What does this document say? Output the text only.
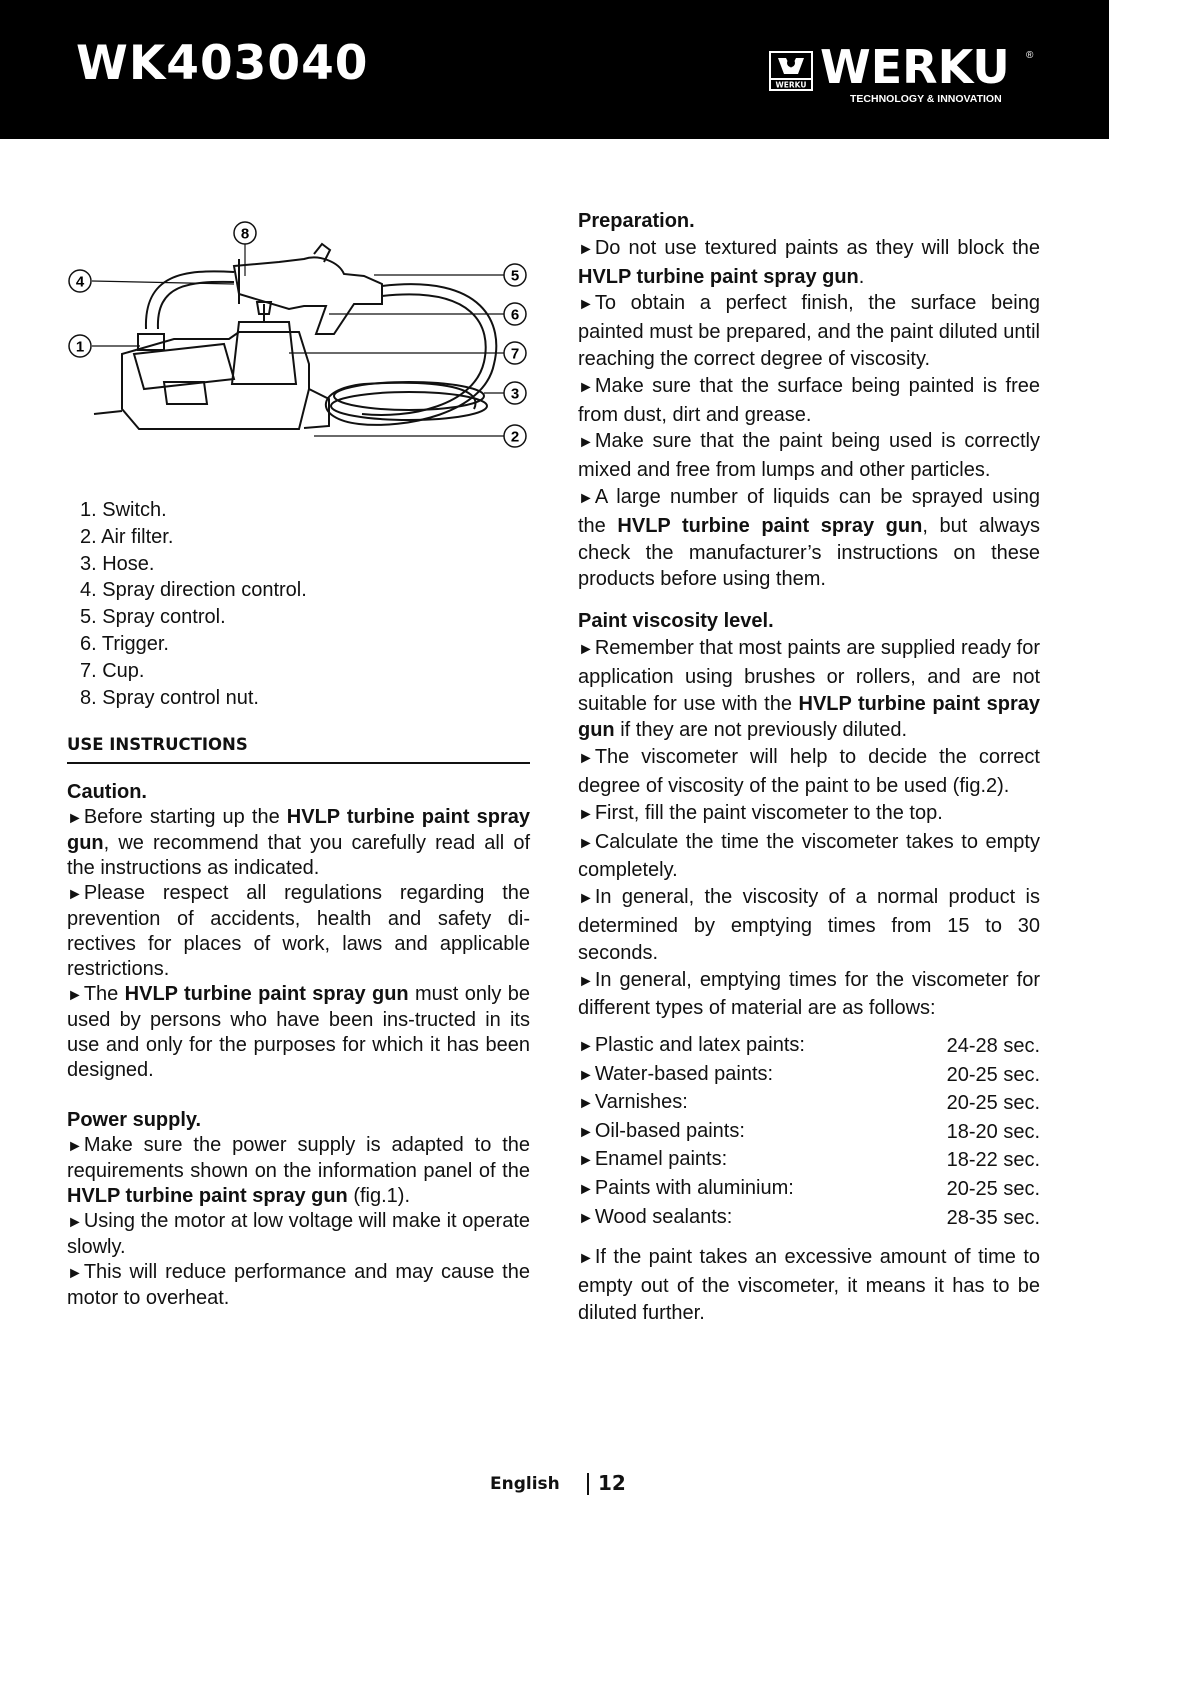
WK403040	WERKU WERKU ®
TECHNOLOGY & INNOVATION
8
4
1
5
6
7
3
2
1. Switch.
2. Air filter.
3. Hose.
4. Spray direction control.
5. Spray control.
6. Trigger.
7. Cup.
8. Spray control nut.
USE INSTRUCTIONS
Caution.

►Before starting up the HVLP turbine paint spray gun, we recommend that you carefully read all of the instructions as indicated.

►Please respect all regulations regarding the prevention of accidents, health and safety di-rectives for places of work, laws and applicable restrictions.

►The HVLP turbine paint spray gun must only be used by persons who have been ins-tructed in its use and only for the purposes for which it has been designed.

Power supply.

►Make sure the power supply is adapted to the requirements shown on the information panel of the HVLP turbine paint spray gun (fig.1).

►Using the motor at low voltage will make it operate slowly.

►This will reduce performance and may cause the motor to overheat.

Preparation.

►Do not use textured paints as they will block the HVLP turbine paint spray gun.

►To obtain a perfect finish, the surface being painted must be prepared, and the paint diluted until reaching the correct degree of viscosity.

►Make sure that the surface being painted is free from dust, dirt and grease.

►Make sure that the paint being used is correctly mixed and free from lumps and other particles.

►A large number of liquids can be sprayed using the HVLP turbine paint spray gun, but always check the manufacturer’s instructions on these products before using them.

Paint viscosity level.

►Remember that most paints are supplied ready for application using brushes or rollers, and are not suitable for use with the HVLP turbine paint spray gun if they are not previously diluted.

►The viscometer will help to decide the correct degree of viscosity of the paint to be used (fig.2).

►First, fill the paint viscometer to the top.

►Calculate the time the viscometer takes to empty completely.

►In general, the viscosity of a normal product is determined by emptying times from 15 to 30 seconds.

►In general, emptying times for the viscometer for different types of material are as follows:

►Plastic and latex paints:	24-28 sec.
►Water-based paints:	20-25 sec.
►Varnishes:	20-25 sec.
►Oil-based paints:	18-20 sec.
►Enamel paints:	18-22 sec.
►Paints with aluminium:	20-25 sec.
►Wood sealants:	28-35 sec.

►If the paint takes an excessive amount of time to empty out of the viscometer, it means it has to be diluted further.

English 12
